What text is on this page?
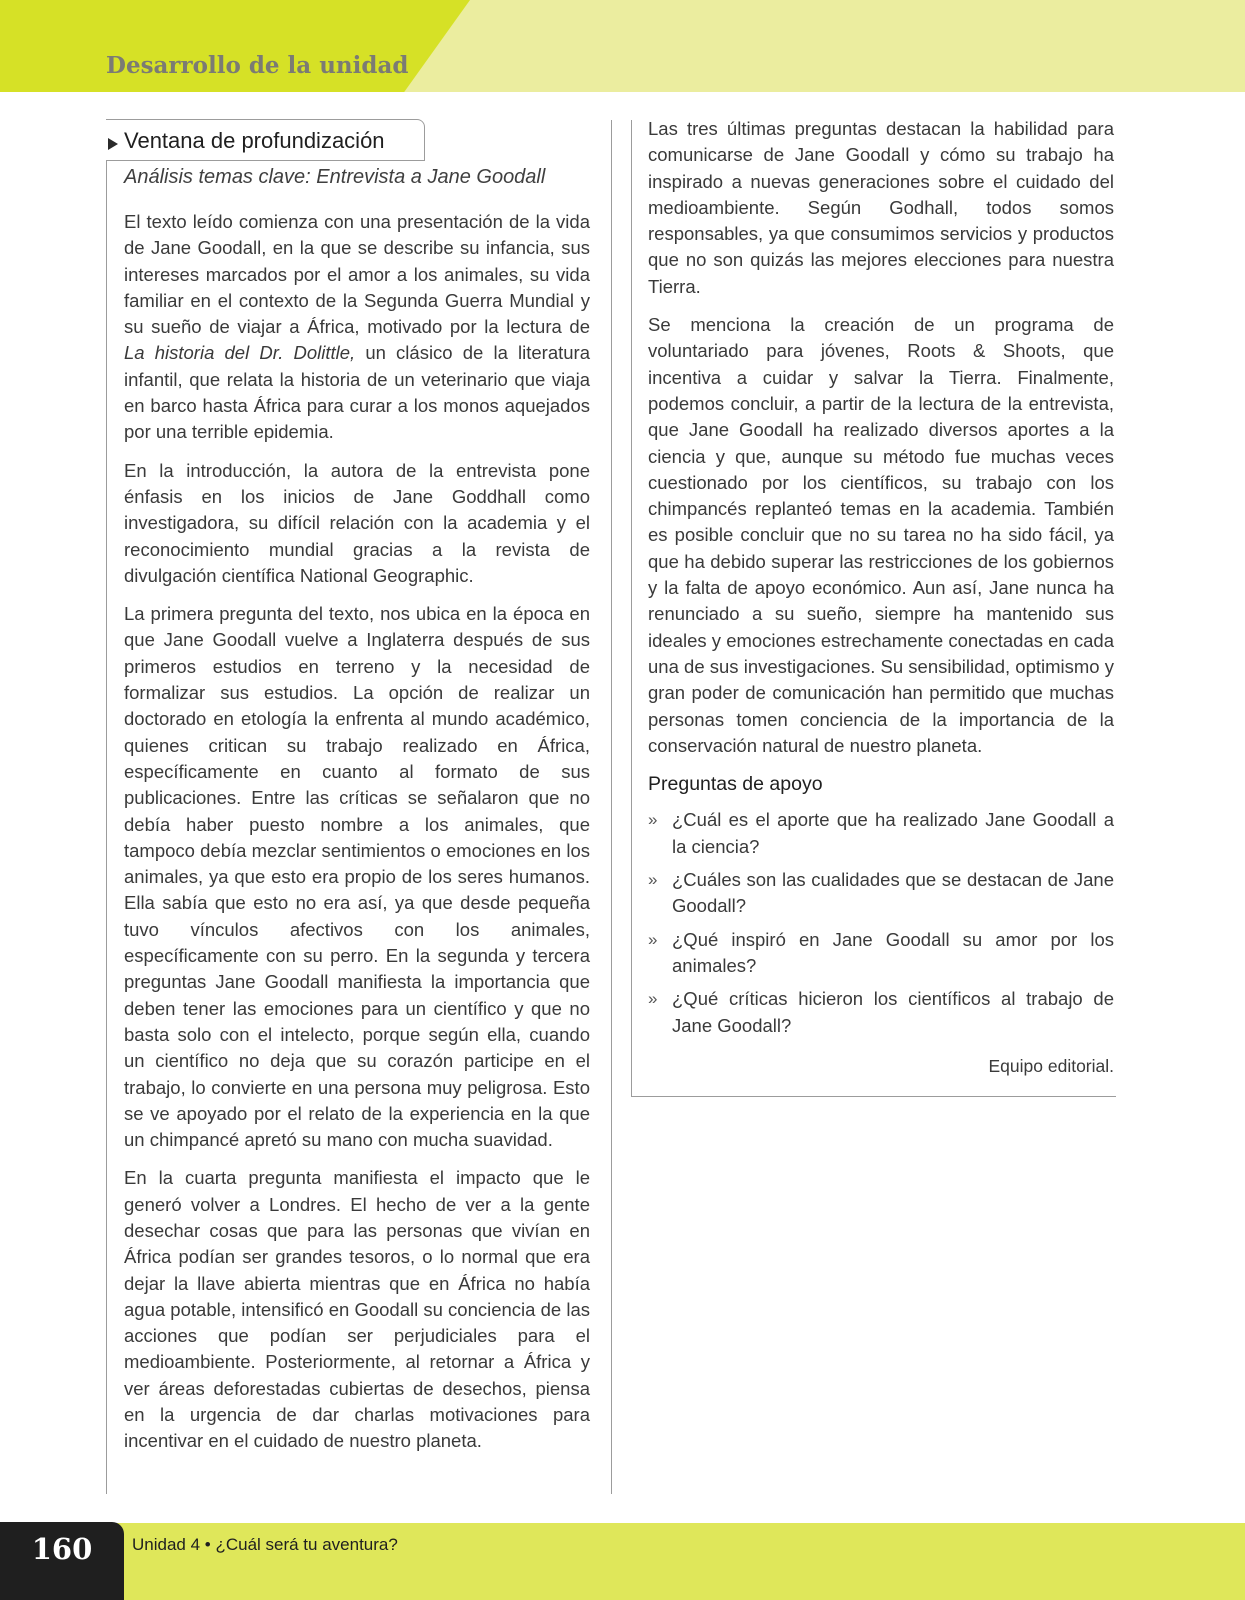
Desarrollo de la unidad
Ventana de profundización
Análisis temas clave: Entrevista a Jane Goodall

El texto leído comienza con una presentación de la vida de Jane Goodall, en la que se describe su infancia, sus intereses marcados por el amor a los animales, su vida familiar en el contexto de la Segunda Guerra Mundial y su sueño de viajar a África, motivado por la lectura de La historia del Dr. Dolittle, un clásico de la literatura infantil, que relata la historia de un veterinario que viaja en barco hasta África para curar a los monos aquejados por una terrible epidemia.

En la introducción, la autora de la entrevista pone énfasis en los inicios de Jane Goddhall como investigadora, su difícil relación con la academia y el reconocimiento mundial gracias a la revista de divulgación científica National Geographic.

La primera pregunta del texto, nos ubica en la época en que Jane Goodall vuelve a Inglaterra después de sus primeros estudios en terreno y la necesidad de formalizar sus estudios. La opción de realizar un doctorado en etología la enfrenta al mundo académico, quienes critican su trabajo realizado en África, específicamente en cuanto al formato de sus publicaciones. Entre las críticas se señalaron que no debía haber puesto nombre a los animales, que tampoco debía mezclar sentimientos o emociones en los animales, ya que esto era propio de los seres humanos. Ella sabía que esto no era así, ya que desde pequeña tuvo vínculos afectivos con los animales, específicamente con su perro. En la segunda y tercera preguntas Jane Goodall manifiesta la importancia que deben tener las emociones para un científico y que no basta solo con el intelecto, porque según ella, cuando un científico no deja que su corazón participe en el trabajo, lo convierte en una persona muy peligrosa. Esto se ve apoyado por el relato de la experiencia en la que un chimpancé apretó su mano con mucha suavidad.

En la cuarta pregunta manifiesta el impacto que le generó volver a Londres. El hecho de ver a la gente desechar cosas que para las personas que vivían en África podían ser grandes tesoros, o lo normal que era dejar la llave abierta mientras que en África no había agua potable, intensificó en Goodall su conciencia de las acciones que podían ser perjudiciales para el medioambiente. Posteriormente, al retornar a África y ver áreas deforestadas cubiertas de desechos, piensa en la urgencia de dar charlas motivaciones para incentivar en el cuidado de nuestro planeta.

Las tres últimas preguntas destacan la habilidad para comunicarse de Jane Goodall y cómo su trabajo ha inspirado a nuevas generaciones sobre el cuidado del medioambiente. Según Godhall, todos somos responsables, ya que consumimos servicios y productos que no son quizás las mejores elecciones para nuestra Tierra.

Se menciona la creación de un programa de voluntariado para jóvenes, Roots & Shoots, que incentiva a cuidar y salvar la Tierra. Finalmente, podemos concluir, a partir de la lectura de la entrevista, que Jane Goodall ha realizado diversos aportes a la ciencia y que, aunque su método fue muchas veces cuestionado por los científicos, su trabajo con los chimpancés replanteó temas en la academia. También es posible concluir que no su tarea no ha sido fácil, ya que ha debido superar las restricciones de los gobiernos y la falta de apoyo económico. Aun así, Jane nunca ha renunciado a su sueño, siempre ha mantenido sus ideales y emociones estrechamente conectadas en cada una de sus investigaciones. Su sensibilidad, optimismo y gran poder de comunicación han permitido que muchas personas tomen conciencia de la importancia de la conservación natural de nuestro planeta.

Preguntas de apoyo
» ¿Cuál es el aporte que ha realizado Jane Goodall a la ciencia?
» ¿Cuáles son las cualidades que se destacan de Jane Goodall?
» ¿Qué inspiró en Jane Goodall su amor por los animales?
» ¿Qué críticas hicieron los científicos al trabajo de Jane Goodall?
Equipo editorial.
160	Unidad 4 • ¿Cuál será tu aventura?
